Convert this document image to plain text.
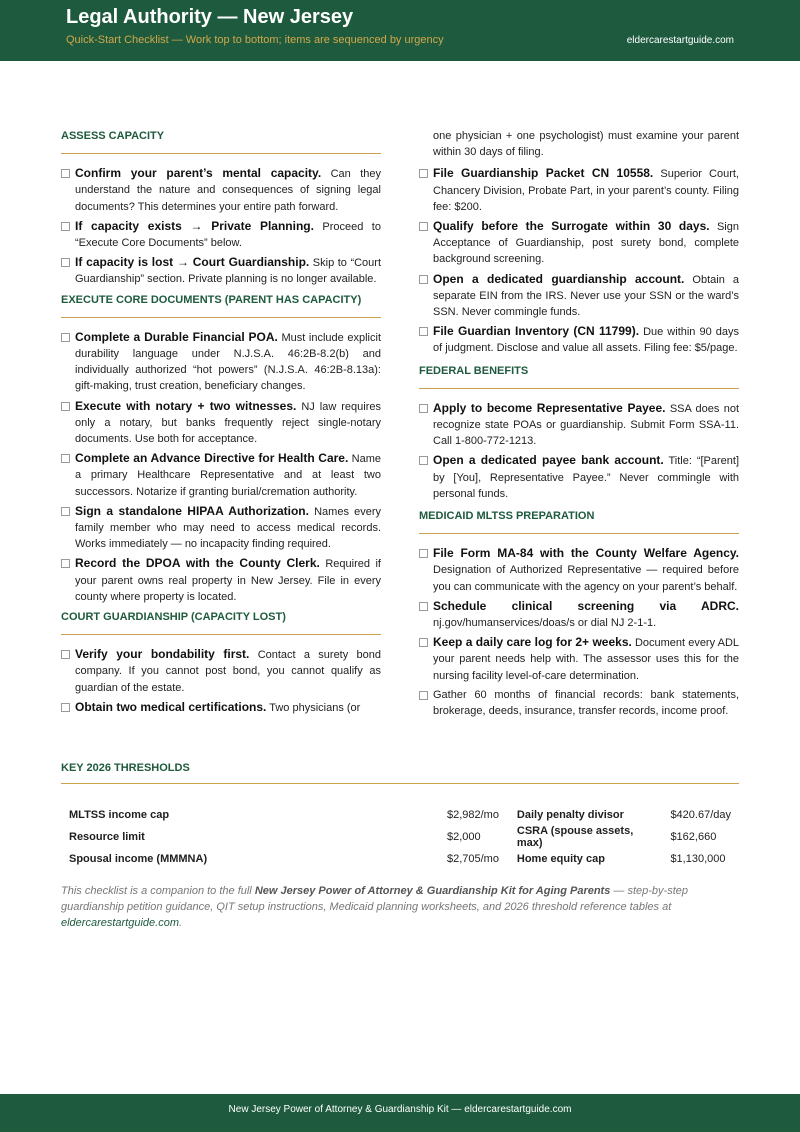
Legal Authority — New Jersey
Quick-Start Checklist — Work top to bottom; items are sequenced by urgency	eldercarestartguide.com
ASSESS CAPACITY
Confirm your parent’s mental capacity. Can they understand the nature and consequences of signing legal documents? This determines your entire path forward.
If capacity exists → Private Planning. Proceed to “Execute Core Documents” below.
If capacity is lost → Court Guardianship. Skip to “Court Guardianship” section. Private planning is no longer available.
EXECUTE CORE DOCUMENTS (PARENT HAS CAPACITY)
Complete a Durable Financial POA. Must include explicit durability language under N.J.S.A. 46:2B-8.2(b) and individually authorized “hot powers” (N.J.S.A. 46:2B-8.13a): gift-making, trust creation, beneficiary changes.
Execute with notary + two witnesses. NJ law requires only a notary, but banks frequently reject single-notary documents. Use both for acceptance.
Complete an Advance Directive for Health Care. Name a primary Healthcare Representative and at least two successors. Notarize if granting burial/cremation authority.
Sign a standalone HIPAA Authorization. Names every family member who may need to access medical records. Works immediately — no incapacity finding required.
Record the DPOA with the County Clerk. Required if your parent owns real property in New Jersey. File in every county where property is located.
COURT GUARDIANSHIP (CAPACITY LOST)
Verify your bondability first. Contact a surety bond company. If you cannot post bond, you cannot qualify as guardian of the estate.
Obtain two medical certifications. Two physicians (or
one physician + one psychologist) must examine your parent within 30 days of filing.
File Guardianship Packet CN 10558. Superior Court, Chancery Division, Probate Part, in your parent’s county. Filing fee: $200.
Qualify before the Surrogate within 30 days. Sign Acceptance of Guardianship, post surety bond, complete background screening.
Open a dedicated guardianship account. Obtain a separate EIN from the IRS. Never use your SSN or the ward’s SSN. Never commingle funds.
File Guardian Inventory (CN 11799). Due within 90 days of judgment. Disclose and value all assets. Filing fee: $5/page.
FEDERAL BENEFITS
Apply to become Representative Payee. SSA does not recognize state POAs or guardianship. Submit Form SSA-11. Call 1-800-772-1213.
Open a dedicated payee bank account. Title: “[Parent] by [You], Representative Payee.” Never commingle with personal funds.
MEDICAID MLTSS PREPARATION
File Form MA-84 with the County Welfare Agency. Designation of Authorized Representative — required before you can communicate with the agency on your parent’s behalf.
Schedule clinical screening via ADRC. nj.gov/humanservices/doas/s or dial NJ 2-1-1.
Keep a daily care log for 2+ weeks. Document every ADL your parent needs help with. The assessor uses this for the nursing facility level-of-care determination.
Gather 60 months of financial records: bank statements, brokerage, deeds, insurance, transfer records, income proof.
KEY 2026 THRESHOLDS
MLTSS income cap	$2,982/mo	Daily penalty divisor	$420.67/day
Resource limit	$2,000	CSRA (spouse assets, max)	$162,660
Spousal income (MMMNA)	$2,705/mo	Home equity cap	$1,130,000
This checklist is a companion to the full New Jersey Power of Attorney & Guardianship Kit for Aging Parents — step-by-step guardianship petition guidance, QIT setup instructions, Medicaid planning worksheets, and 2026 threshold reference tables at eldercarestartguide.com.
New Jersey Power of Attorney & Guardianship Kit — eldercarestartguide.com
